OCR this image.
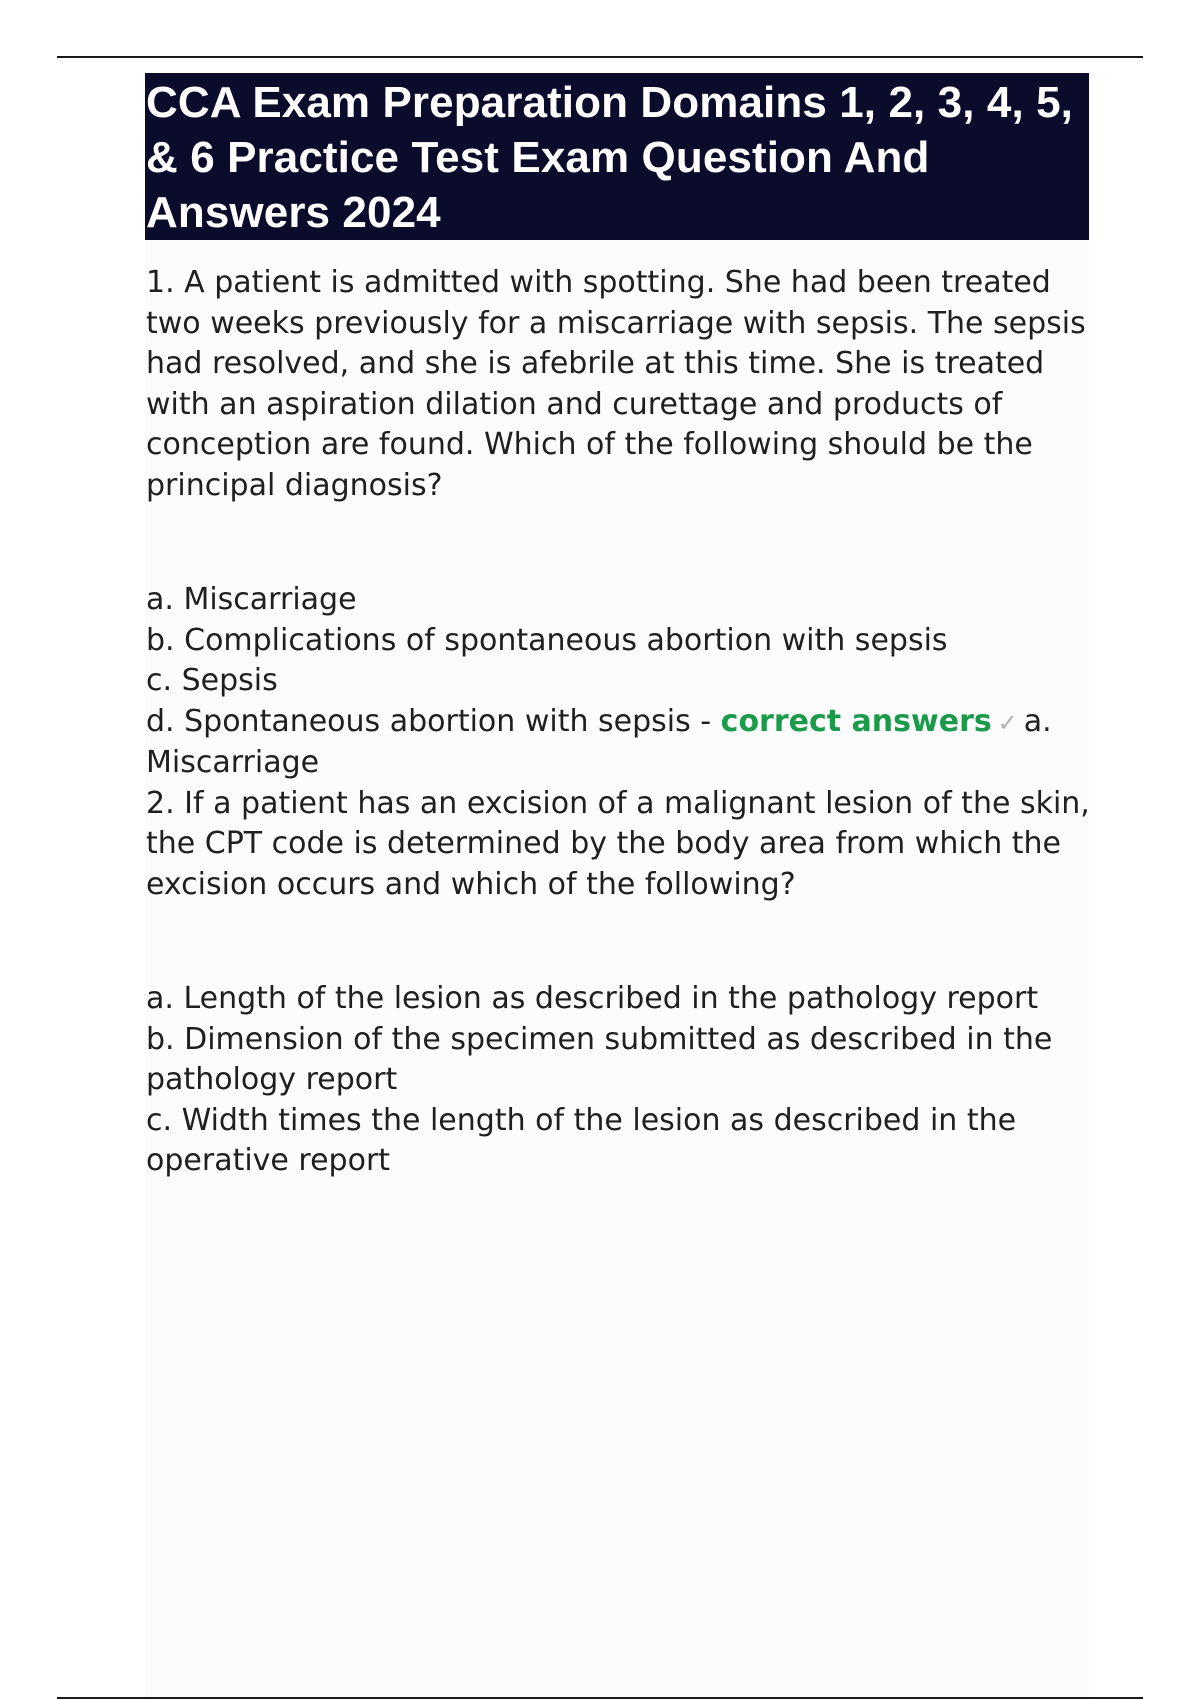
CCA Exam Preparation Domains 1, 2, 3, 4, 5, & 6 Practice Test Exam Question And Answers 2024

1. A patient is admitted with spotting. She had been treated two weeks previously for a miscarriage with sepsis. The sepsis had resolved, and she is afebrile at this time. She is treated with an aspiration dilation and curettage and products of conception are found. Which of the following should be the principal diagnosis?

a. Miscarriage

b. Complications of spontaneous abortion with sepsis

c. Sepsis

d. Spontaneous abortion with sepsis - correct answers ✓ a. Miscarriage

2. If a patient has an excision of a malignant lesion of the skin, the CPT code is determined by the body area from which the excision occurs and which of the following?

a. Length of the lesion as described in the pathology report

b. Dimension of the specimen submitted as described in the pathology report

c. Width times the length of the lesion as described in the operative report
